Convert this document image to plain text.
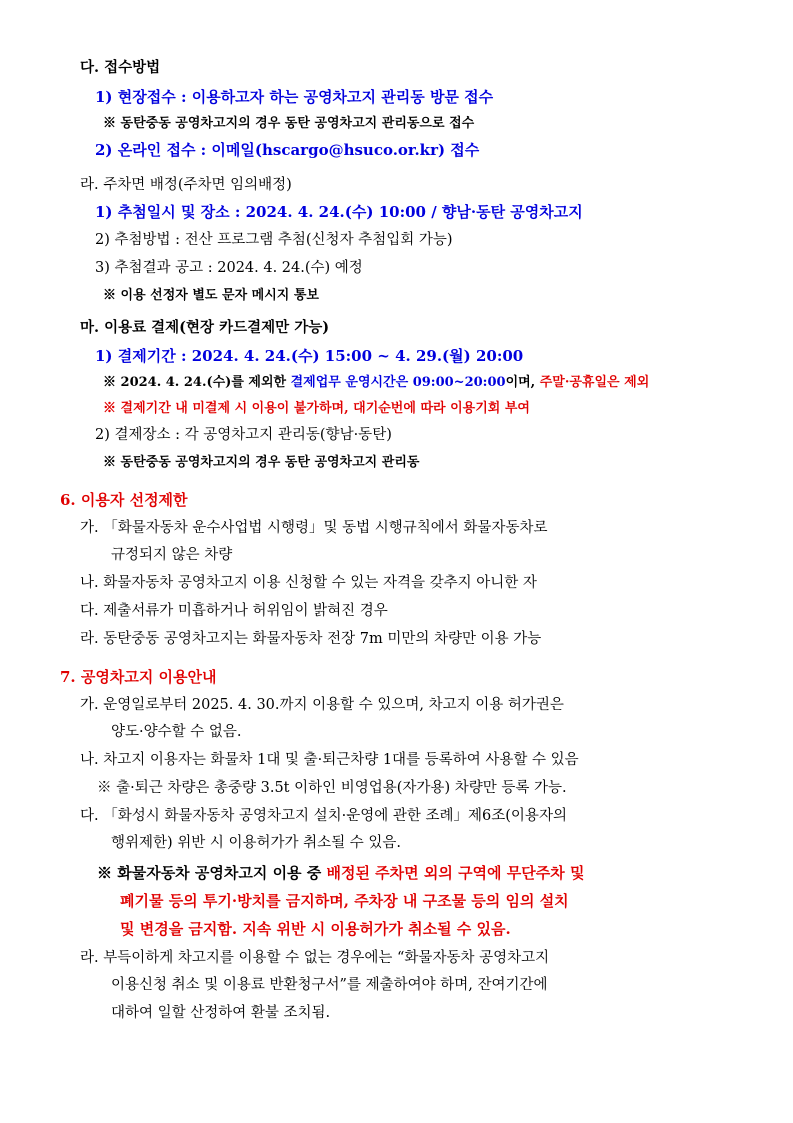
다. 접수방법
1) 현장접수 : 이용하고자 하는 공영차고지 관리동 방문 접수
※ 동탄중동 공영차고지의 경우 동탄 공영차고지 관리동으로 접수
2) 온라인 접수 : 이메일(hscargo@hsuco.or.kr) 접수
라. 주차면 배정(주차면 임의배정)
1) 추첨일시 및 장소 : 2024. 4. 24.(수) 10:00 / 향남·동탄 공영차고지
2) 추첨방법 : 전산 프로그램 추첨(신청자 추첨입회 가능)
3) 추첨결과 공고 : 2024. 4. 24.(수) 예정
※ 이용 선정자 별도 문자 메시지 통보
마. 이용료 결제(현장 카드결제만 가능)
1) 결제기간 : 2024. 4. 24.(수) 15:00 ~ 4. 29.(월) 20:00
※ 2024. 4. 24.(수)를 제외한 결제업무 운영시간은 09:00~20:00이며, 주말·공휴일은 제외
※ 결제기간 내 미결제 시 이용이 불가하며, 대기순번에 따라 이용기회 부여
2) 결제장소 : 각 공영차고지 관리동(향남·동탄)
※ 동탄중동 공영차고지의 경우 동탄 공영차고지 관리동
6. 이용자 선정제한
가. 「화물자동차 운수사업법 시행령」및 동법 시행규칙에서 화물자동차로
규정되지 않은 차량
나. 화물자동차 공영차고지 이용 신청할 수 있는 자격을 갖추지 아니한 자
다. 제출서류가 미흡하거나 허위임이 밝혀진 경우
라. 동탄중동 공영차고지는 화물자동차 전장 7m 미만의 차량만 이용 가능
7. 공영차고지 이용안내
가. 운영일로부터 2025. 4. 30.까지 이용할 수 있으며, 차고지 이용 허가권은
양도·양수할 수 없음.
나. 차고지 이용자는 화물차 1대 및 출·퇴근차량 1대를 등록하여 사용할 수 있음
※ 출·퇴근 차량은 총중량 3.5t 이하인 비영업용(자가용) 차량만 등록 가능.
다. 「화성시 화물자동차 공영차고지 설치·운영에 관한 조례」제6조(이용자의
행위제한) 위반 시 이용허가가 취소될 수 있음.
※ 화물자동차 공영차고지 이용 중 배정된 주차면 외의 구역에 무단주차 및
폐기물 등의 투기·방치를 금지하며, 주차장 내 구조물 등의 임의 설치
및 변경을 금지함. 지속 위반 시 이용허가가 취소될 수 있음.
라. 부득이하게 차고지를 이용할 수 없는 경우에는 “화물자동차 공영차고지
이용신청 취소 및 이용료 반환청구서”를 제출하여야 하며, 잔여기간에
대하여 일할 산정하여 환불 조치됨.
